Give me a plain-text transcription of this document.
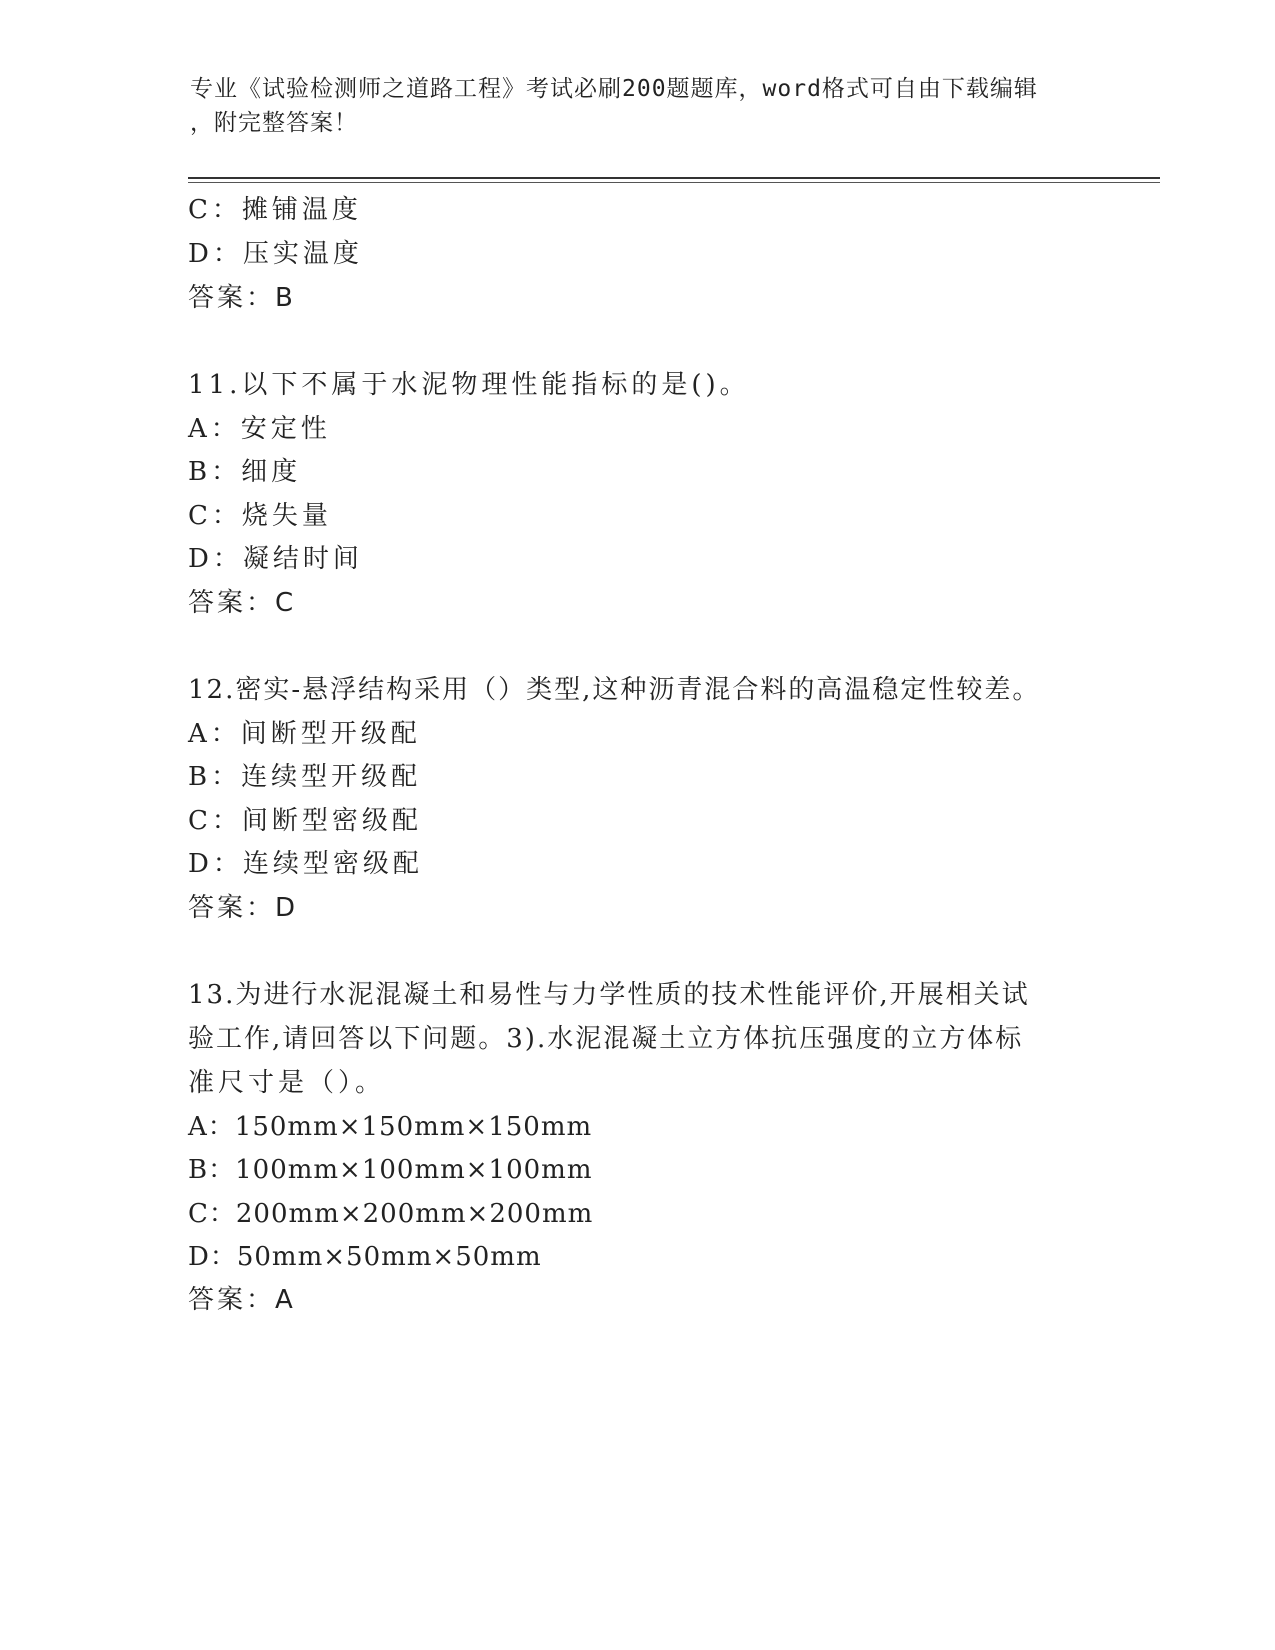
专业《试验检测师之道路工程》考试必刷200题题库，word格式可自由下载编辑
，附完整答案！
C：摊铺温度
D：压实温度
答案：B
11.以下不属于水泥物理性能指标的是()。
A：安定性
B：细度
C：烧失量
D：凝结时间
答案：C
12.密实-悬浮结构采用（）类型,这种沥青混合料的高温稳定性较差。
A：间断型开级配
B：连续型开级配
C：间断型密级配
D：连续型密级配
答案：D
13.为进行水泥混凝土和易性与力学性质的技术性能评价,开展相关试
验工作,请回答以下问题。3).水泥混凝土立方体抗压强度的立方体标
准尺寸是（）。
A：150mm×150mm×150mm
B：100mm×100mm×100mm
C：200mm×200mm×200mm
D：50mm×50mm×50mm
答案：A
